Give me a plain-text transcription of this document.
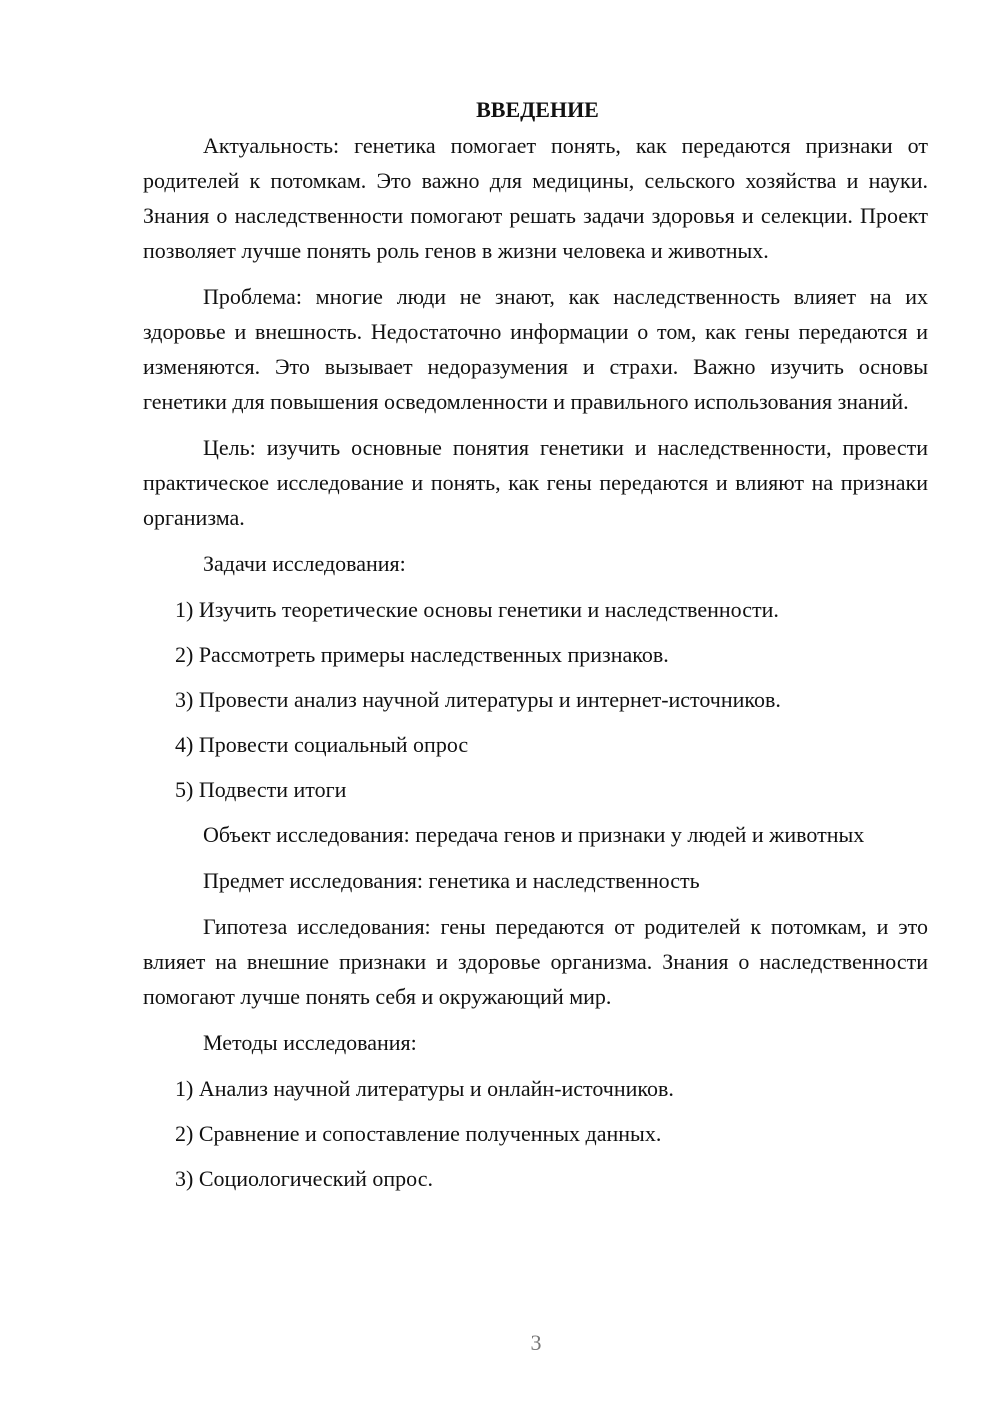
ВВЕДЕНИЕ

Актуальность: генетика помогает понять, как передаются признаки от родителей к потомкам. Это важно для медицины, сельского хозяйства и науки. Знания о наследственности помогают решать задачи здоровья и селекции. Проект позволяет лучше понять роль генов в жизни человека и животных.

Проблема: многие люди не знают, как наследственность влияет на их здоровье и внешность. Недостаточно информации о том, как гены передаются и изменяются. Это вызывает недоразумения и страхи. Важно изучить основы генетики для повышения осведомленности и правильного использования знаний.

Цель: изучить основные понятия генетики и наследственности, провести практическое исследование и понять, как гены передаются и влияют на признаки организма.

Задачи исследования:

1) Изучить теоретические основы генетики и наследственности.

2) Рассмотреть примеры наследственных признаков.

3) Провести анализ научной литературы и интернет-источников.

4) Провести социальный опрос

5) Подвести итоги

Объект исследования: передача генов и признаки у людей и животных

Предмет исследования: генетика и наследственность

Гипотеза исследования: гены передаются от родителей к потомкам, и это влияет на внешние признаки и здоровье организма. Знания о наследственности помогают лучше понять себя и окружающий мир.

Методы исследования:

1) Анализ научной литературы и онлайн-источников.

2) Сравнение и сопоставление полученных данных.

3) Социологический опрос.

3
